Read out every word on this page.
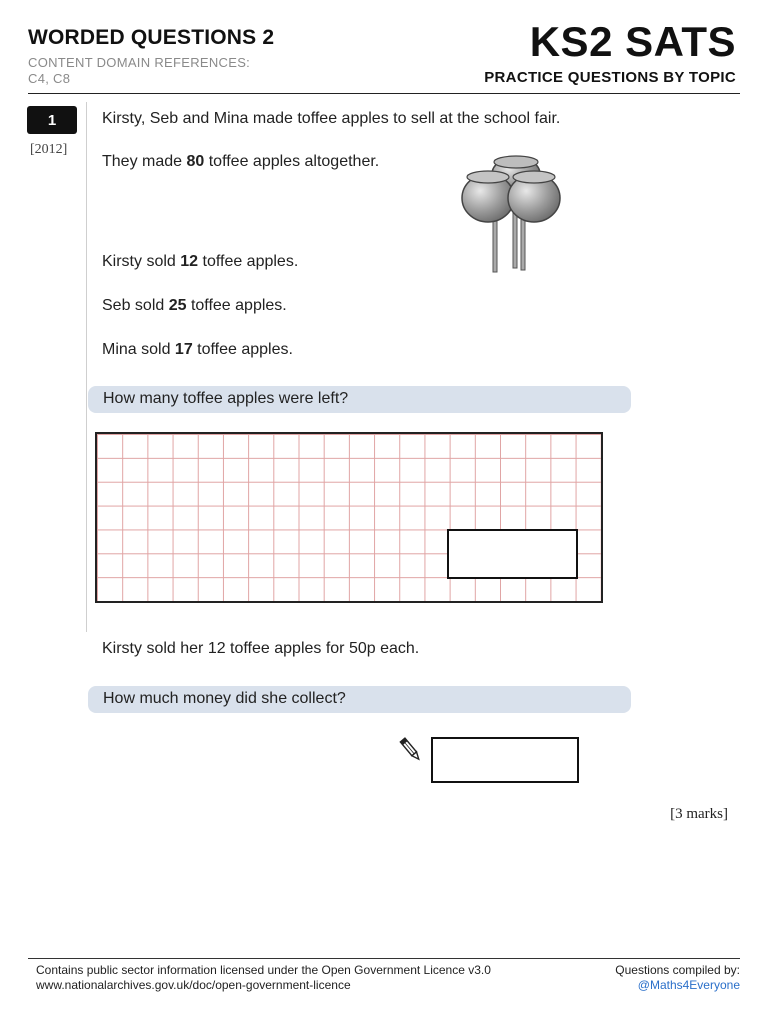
WORDED QUESTIONS 2
CONTENT DOMAIN REFERENCES:
C4, C8
KS2 SATS
PRACTICE QUESTIONS BY TOPIC
1
[2012]
Kirsty, Seb and Mina made toffee apples to sell at the school fair.
They made 80 toffee apples altogether.
Kirsty sold 12 toffee apples.
Seb sold 25 toffee apples.
Mina sold 17 toffee apples.
How many toffee apples were left?
Kirsty sold her 12 toffee apples for 50p each.
How much money did she collect?
[3 marks]
Contains public sector information licensed under the Open Government Licence v3.0
www.nationalarchives.gov.uk/doc/open-government-licence
Questions compiled by:
@Maths4Everyone
